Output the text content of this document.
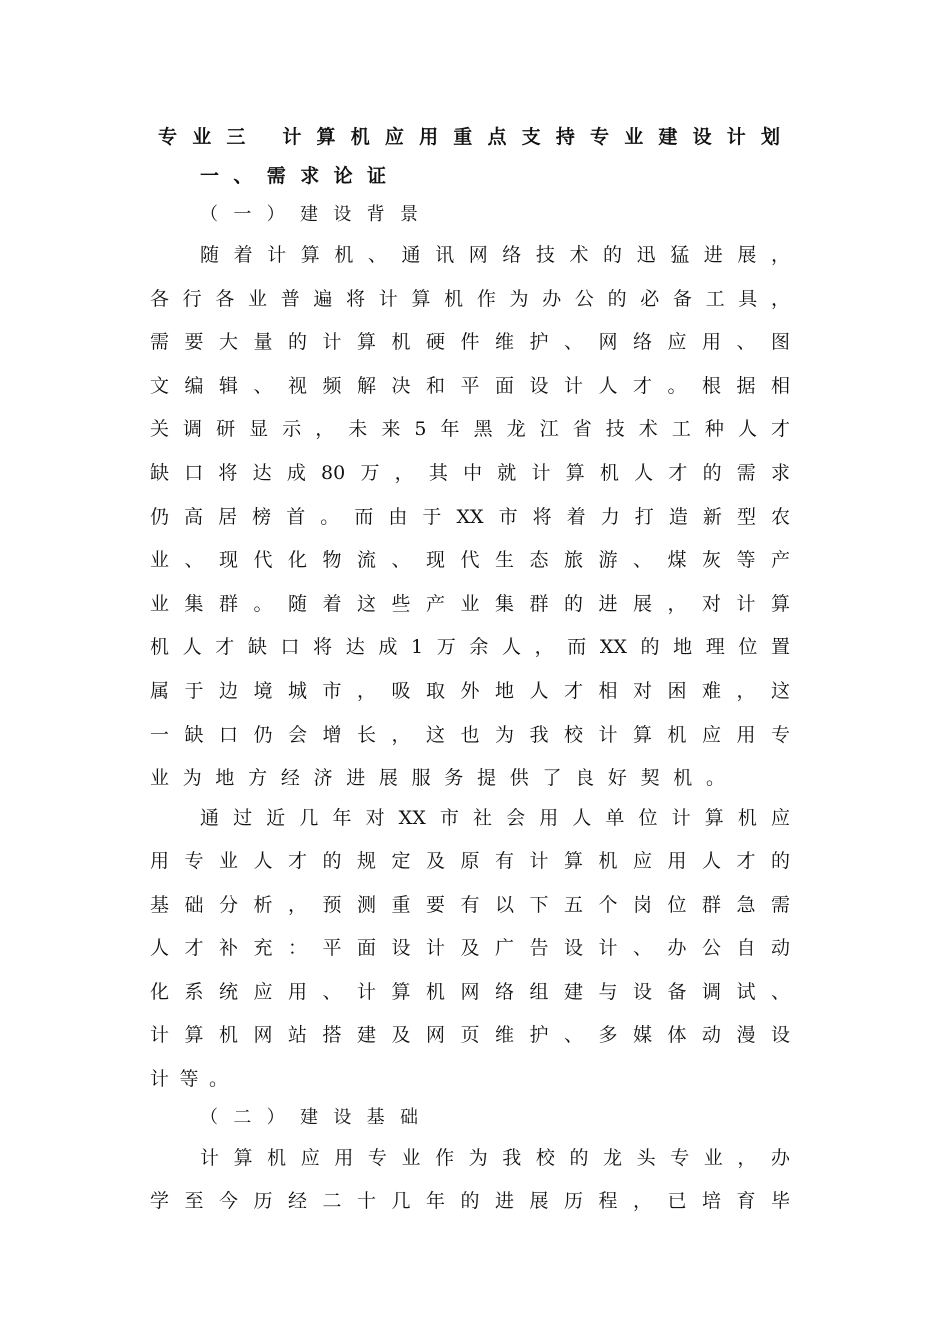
专业三 计算机应用重点支持专业建设计划
一、需求论证
（一）建设背景
随着计算机、通讯网络技术的迅猛进展，
各行各业普遍将计算机作为办公的必备工具，
需要大量的计算机硬件维护、网络应用、图
文编辑、视频解决和平面设计人才。根据相
关调研显示，未来5年黑龙江省技术工种人才
缺口将达成80万，其中就计算机人才的需求
仍高居榜首。而由于XX市将着力打造新型农
业、现代化物流、现代生态旅游、煤灰等产
业集群。随着这些产业集群的进展，对计算
机人才缺口将达成1万余人，而XX的地理位置
属于边境城市，吸取外地人才相对困难，这
一缺口仍会增长，这也为我校计算机应用专
业为地方经济进展服务提供了良好契机。
通过近几年对XX市社会用人单位计算机应
用专业人才的规定及原有计算机应用人才的
基础分析，预测重要有以下五个岗位群急需
人才补充：平面设计及广告设计、办公自动
化系统应用、计算机网络组建与设备调试、
计算机网站搭建及网页维护、多媒体动漫设
计等。
（二）建设基础
计算机应用专业作为我校的龙头专业，办
学至今历经二十几年的进展历程，已培育毕
